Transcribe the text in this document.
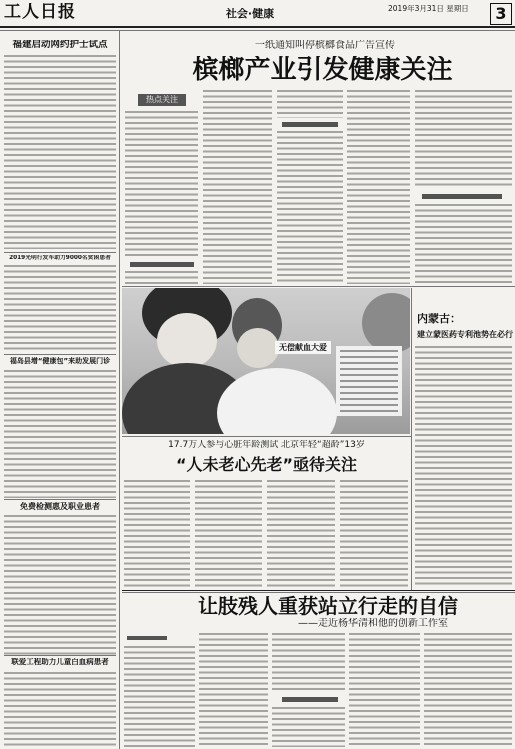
工人日报	社会·健康	2019年3月31日 星期日	3
福建启动网约护士试点
2019光明行发车助力9000名贫困患者
福岛县增“健康包”来助发展门诊
免费检测惠及职业患者
联爱工程助力儿童白血病患者
一纸通知叫停槟榔食品广告宣传
槟榔产业引发健康关注
热点关注
无偿献血大爱
内蒙古：
建立蒙医药专利池势在必行
17.7万人参与心脏年龄测试 北京年轻“超龄”13岁
“人未老心先老”亟待关注
让肢残人重获站立行走的自信
——走近杨华清和他的创新工作室
